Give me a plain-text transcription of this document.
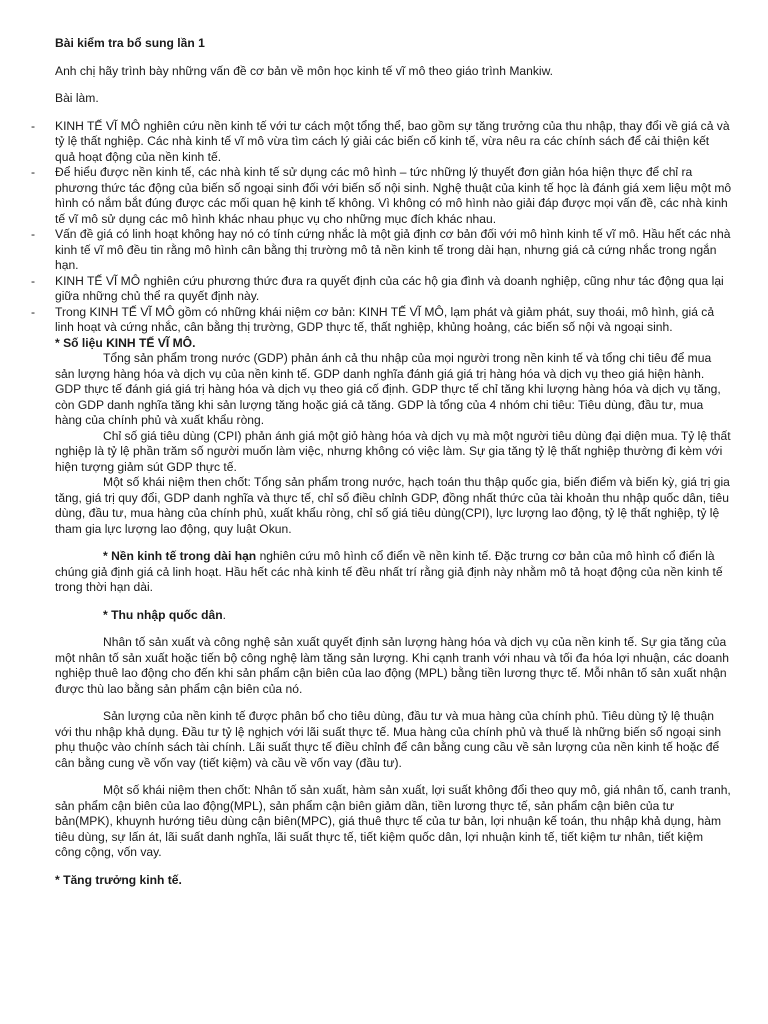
Bài kiểm tra bổ sung lần 1

Anh chị hãy trình bày những vấn đề cơ bản về môn học kinh tế vĩ mô theo giáo trình Mankiw.

Bài làm.

- KINH TẾ VĨ MÔ nghiên cứu nền kinh tế với tư cách một tổng thể, bao gồm sự tăng trưởng của thu nhập, thay đổi về giá cả và tỷ lệ thất nghiệp. Các nhà kinh tế vĩ mô vừa tìm cách lý giải các biến cố kinh tế, vừa nêu ra các chính sách để cải thiện kết quả hoạt động của nền kinh tế.
- Để hiểu được nền kinh tế, các nhà kinh tế sử dụng các mô hình – tức những lý thuyết đơn giản hóa hiện thực để chỉ ra phương thức tác động của biến số ngoại sinh đối với biến số nội sinh. Nghệ thuật của kinh tế học là đánh giá xem liệu một mô hình có nắm bắt đúng được các mối quan hệ kinh tế không. Vì không có mô hình nào giải đáp được mọi vấn đề, các nhà kinh tế vĩ mô sử dụng các mô hình khác nhau phục vụ cho những mục đích khác nhau.
- Vấn đề giá có linh hoạt không hay nó có tính cứng nhắc là một giả định cơ bản đối với mô hình kinh tế vĩ mô. Hầu hết các nhà kinh tế vĩ mô đều tin rằng mô hình cân bằng thị trường mô tả nền kinh tế trong dài hạn, nhưng giá cả cứng nhắc trong ngắn hạn.
- KINH TẾ VĨ MÔ nghiên cứu phương thức đưa ra quyết định của các hộ gia đình và doanh nghiệp, cũng như tác động qua lại giữa những chủ thể ra quyết định này.
- Trong KINH TẾ VĨ MÔ gồm có những khái niệm cơ bản: KINH TẾ VĨ MÔ, lạm phát và giảm phát, suy thoái, mô hình, giá cả linh hoạt và cứng nhắc, cân bằng thị trường, GDP thực tế, thất nghiệp, khủng hoảng, các biến số nội và ngoại sinh.

* Số liệu KINH TẾ VĨ MÔ.

Tổng sản phẩm trong nước (GDP) phản ánh cả thu nhập của mọi người trong nền kinh tế và tổng chi tiêu để mua sản lượng hàng hóa và dịch vụ của nền kinh tế. GDP danh nghĩa đánh giá giá trị hàng hóa và dịch vụ theo giá hiện hành. GDP thực tế đánh giá giá trị hàng hóa và dịch vụ theo giá cố định. GDP thực tế chỉ tăng khi lượng hàng hóa và dịch vụ tăng, còn GDP danh nghĩa tăng khi sản lượng tăng hoặc giá cả tăng. GDP là tổng của 4 nhóm chi tiêu: Tiêu dùng, đầu tư, mua hàng của chính phủ và xuất khẩu ròng.

Chỉ số giá tiêu dùng (CPI) phản ánh giá một giỏ hàng hóa và dịch vụ mà một người tiêu dùng đại diện mua. Tỷ lệ thất nghiệp là tỷ lệ phần trăm số người muốn làm việc, nhưng không có việc làm. Sự gia tăng tỷ lệ thất nghiệp thường đi kèm với hiện tượng giảm sút GDP thực tế.

Một số khái niệm then chốt: Tổng sản phẩm trong nước, hạch toán thu thập quốc gia, biến điểm và biến kỳ, giá trị gia tăng, giá trị quy đổi, GDP danh nghĩa và thực tế, chỉ số điều chỉnh GDP, đồng nhất thức của tài khoản thu nhập quốc dân, tiêu dùng, đầu tư, mua hàng của chính phủ, xuất khẩu ròng, chỉ số giá tiêu dùng(CPI), lực lượng lao động, tỷ lệ thất nghiệp, tỷ lệ tham gia lực lượng lao động, quy luật Okun.

* Nền kinh tế trong dài hạn nghiên cứu mô hình cổ điển về nền kinh tế. Đặc trưng cơ bản của mô hình cổ điển là chúng giả định giá cả linh hoạt. Hầu hết các nhà kinh tế đều nhất trí rằng giả định này nhằm mô tả hoạt động của nền kinh tế trong thời hạn dài.

* Thu nhập quốc dân.

Nhân tố sản xuất và công nghệ sản xuất quyết định sản lượng hàng hóa và dịch vụ của nền kinh tế. Sự gia tăng của một nhân tố sản xuất hoặc tiến bộ công nghệ làm tăng sản lượng. Khi cạnh tranh với nhau và tối đa hóa lợi nhuận, các doanh nghiệp thuê lao động cho đến khi sản phẩm cận biên của lao động (MPL) bằng tiền lương thực tế. Mỗi nhân tố sản xuất nhận được thù lao bằng sản phẩm cận biên của nó.

Sản lượng của nền kinh tế được phân bổ cho tiêu dùng, đầu tư và mua hàng của chính phủ. Tiêu dùng tỷ lệ thuận với thu nhập khả dụng. Đầu tư tỷ lệ nghịch với lãi suất thực tế. Mua hàng của chính phủ và thuế là những biến số ngoại sinh phụ thuộc vào chính sách tài chính. Lãi suất thực tế điều chỉnh để cân bằng cung cầu về sản lượng của nền kinh tế hoặc để cân bằng cung về vốn vay (tiết kiệm) và cầu về vốn vay (đầu tư).

Một số khái niệm then chốt: Nhân tố sản xuất, hàm sản xuất, lợi suất không đổi theo quy mô, giá nhân tố, canh tranh, sản phẩm cận biên của lao động(MPL), sản phẩm cận biên giảm dần, tiền lương thực tế, sản phẩm cận biên của tư bản(MPK), khuynh hướng tiêu dùng cận biên(MPC), giá thuê thực tế của tư bản, lợi nhuận kế toán, thu nhập khả dụng, hàm tiêu dùng, sự lấn át, lãi suất danh nghĩa, lãi suất thực tế, tiết kiệm quốc dân, lợi nhuận kinh tế, tiết kiệm tư nhân, tiết kiệm công cộng, vốn vay.

* Tăng trưởng kinh tế.
